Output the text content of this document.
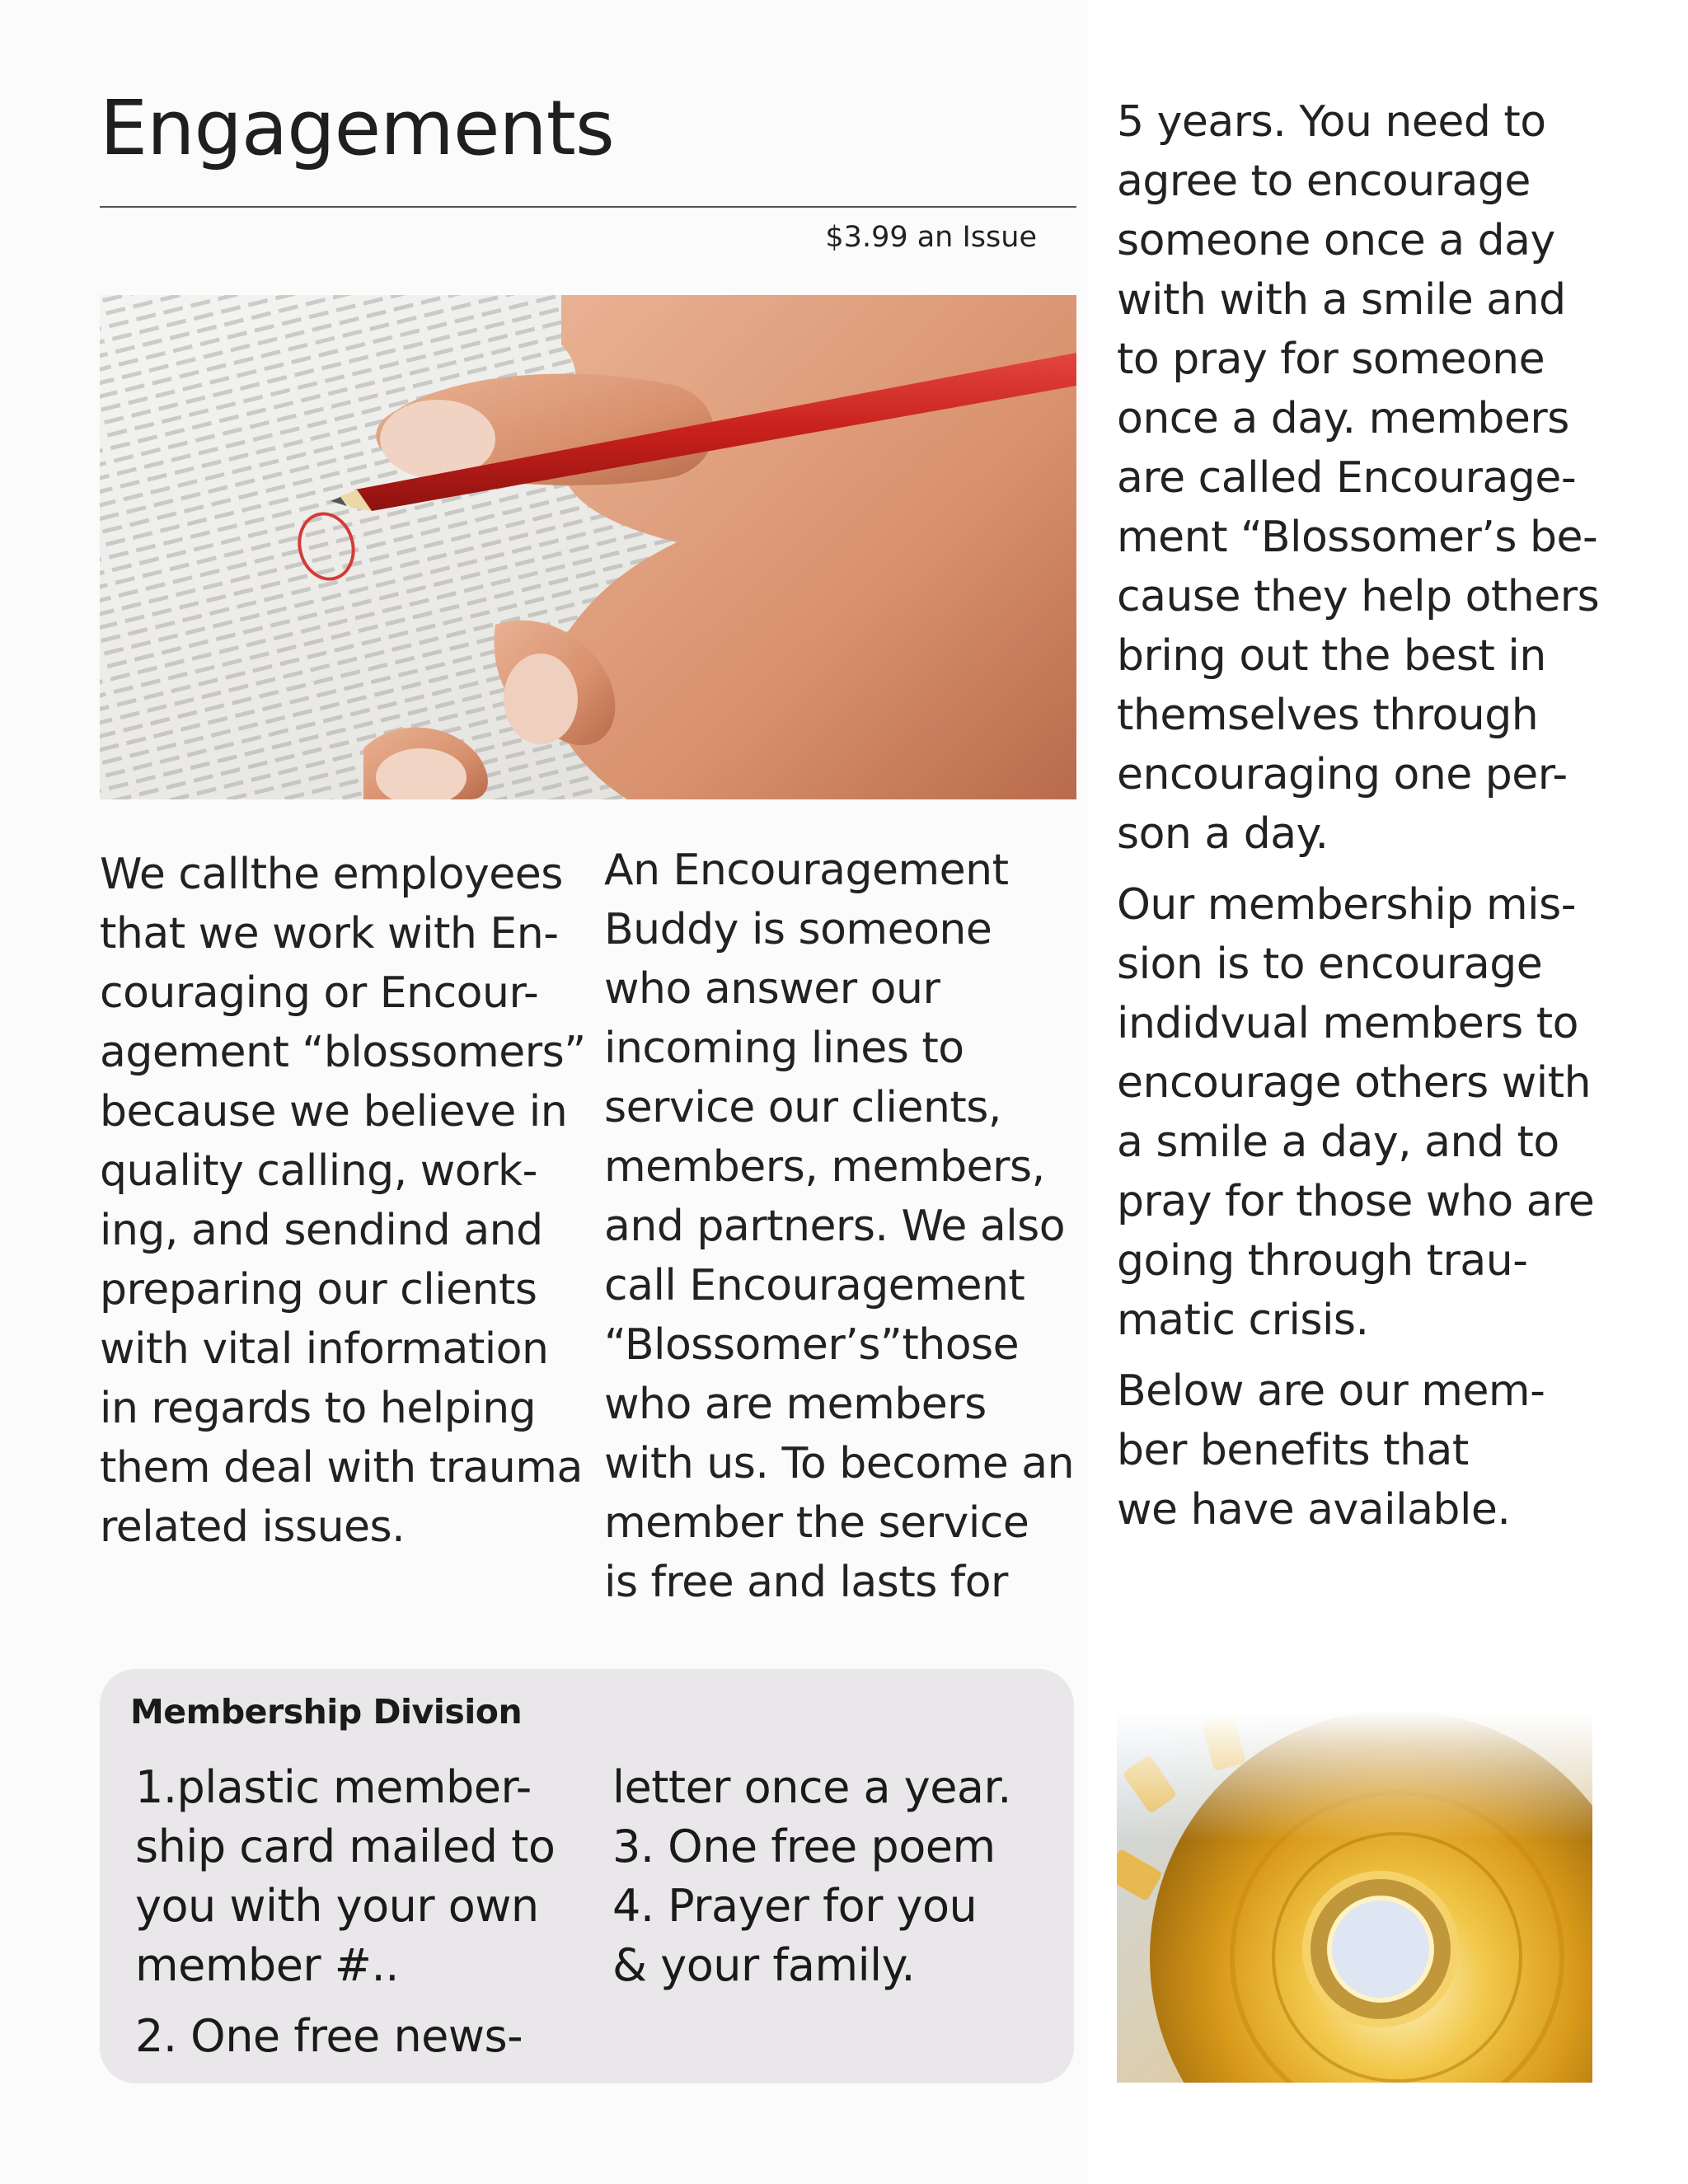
Engagements
$3.99 an Issue

We callthe employees

that we work with En-

couraging or Encour-

agement “blossomers”

because we believe in

quality calling, work-

ing, and sendind and

preparing our clients

with vital information

in regards to helping

them deal with trauma

related issues.

An Encouragement

Buddy is someone

who answer our

incoming lines to

service our clients,

members, members,

and partners. We also

call Encouragement

“Blossomer’s”those

who are members

with us. To become an

member the service

is free and lasts for

5 years. You need to

agree to encourage

someone once a day

with with a smile and

to pray for someone

once a day. members

are called Encourage-

ment “Blossomer’s be-

cause they help others

bring out the best in

themselves through

encouraging one per-

son a day.

Our membership mis-

sion is to encourage

indidvual members to

encourage others with

a smile a day, and to

pray for those who are

going through trau-

matic crisis.

Below are our mem-

ber benefits that

we have available.

Membership Division

1.plastic member-

ship card mailed to

you with your own

member #..

2. One free news-

letter once a year.

3. One free poem

4. Prayer for you

& your family.
